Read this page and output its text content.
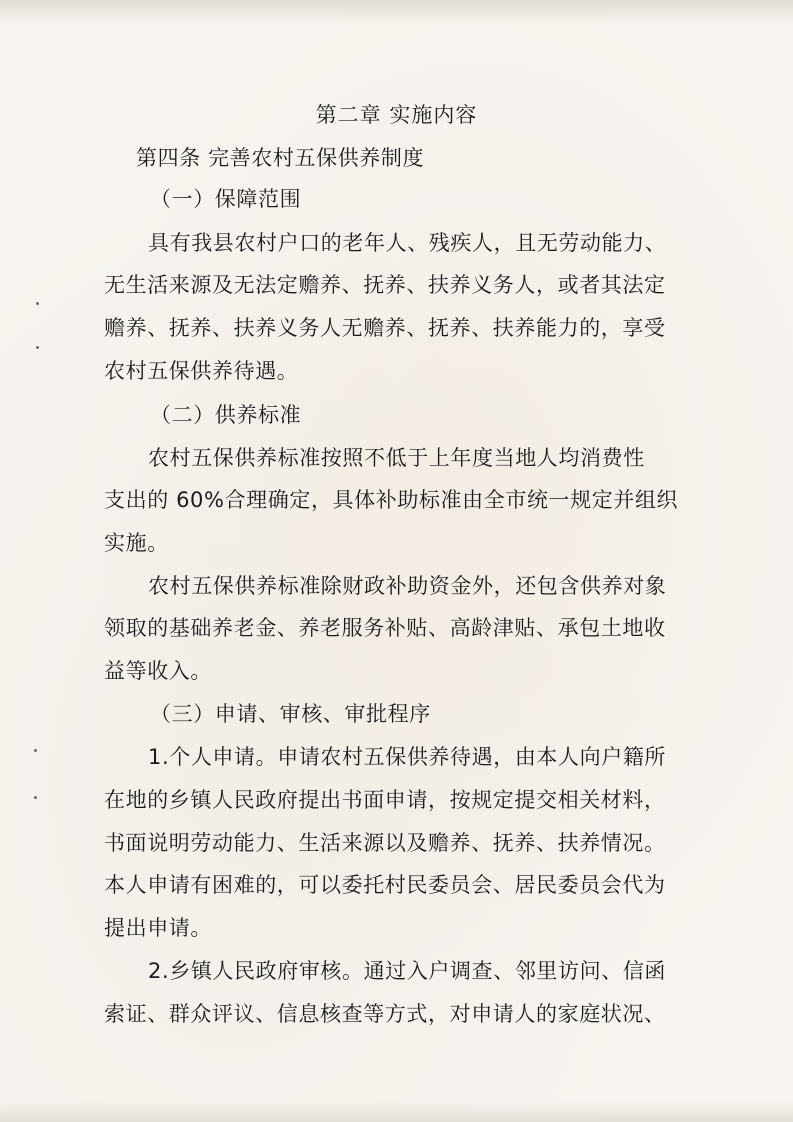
第二章 实施内容
第四条 完善农村五保供养制度
（一）保障范围
具有我县农村户口的老年人、残疾人，且无劳动能力、
无生活来源及无法定赡养、抚养、扶养义务人，或者其法定
赡养、抚养、扶养义务人无赡养、抚养、扶养能力的，享受
农村五保供养待遇。
（二）供养标准
农村五保供养标准按照不低于上年度当地人均消费性
支出的 60%合理确定，具体补助标准由全市统一规定并组织
实施。
农村五保供养标准除财政补助资金外，还包含供养对象
领取的基础养老金、养老服务补贴、高龄津贴、承包土地收
益等收入。
（三）申请、审核、审批程序
1.个人申请。申请农村五保供养待遇，由本人向户籍所
在地的乡镇人民政府提出书面申请，按规定提交相关材料，
书面说明劳动能力、生活来源以及赡养、抚养、扶养情况。
本人申请有困难的，可以委托村民委员会、居民委员会代为
提出申请。
2.乡镇人民政府审核。通过入户调查、邻里访问、信函
索证、群众评议、信息核查等方式，对申请人的家庭状况、
